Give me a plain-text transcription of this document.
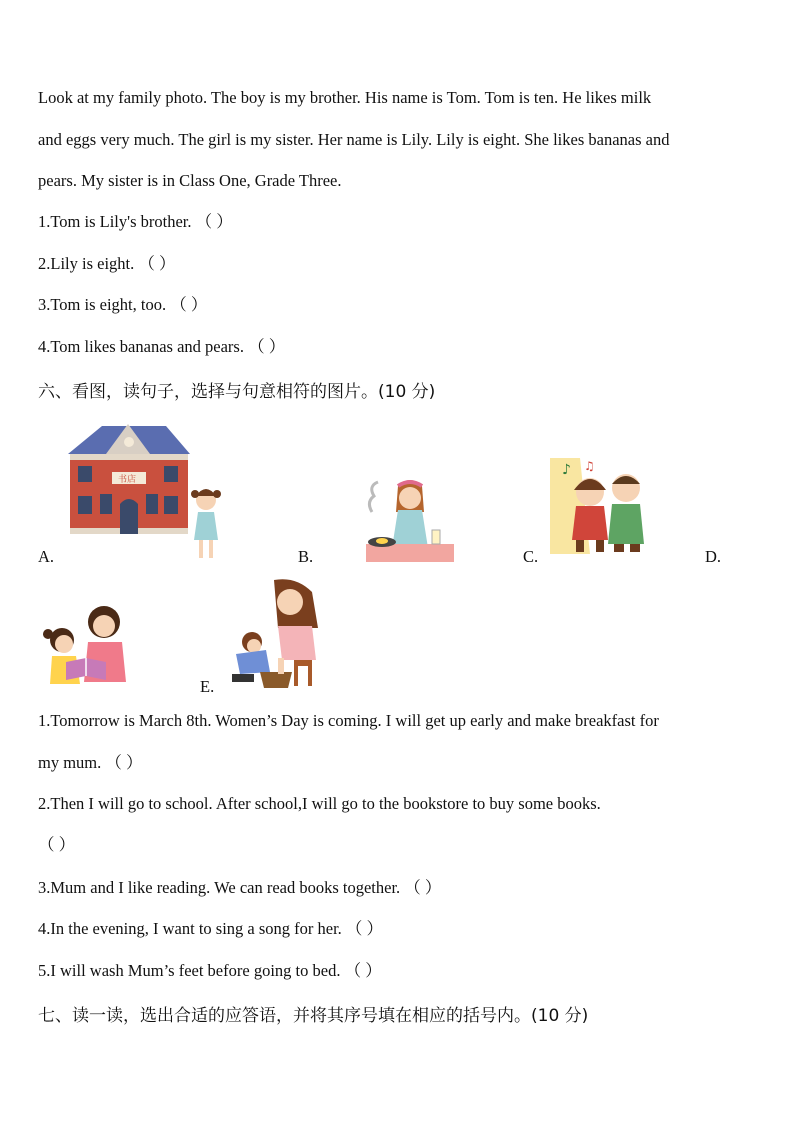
Look at my family photo. The boy is my brother. His name is Tom. Tom is ten. He likes milk
and eggs very much. The girl is my sister. Her name is Lily. Lily is eight. She likes bananas and
pears. My sister is in Class One, Grade Three.
1.Tom is Lily's brother. （ ）
2.Lily is eight. （ ）
3.Tom is eight, too. （ ）
4.Tom likes bananas and pears. （ ）
六、看图，读句子，选择与句意相符的图片。(10 分)
书店
A.	B.
♪ ♫
C.	D.
E.
1.Tomorrow is March 8th. Women’s Day is coming. I will get up early and make breakfast for
my mum. （ ）
2.Then I will go to school. After school,I will go to the bookstore to buy some books.
（ ）
3.Mum and I like reading. We can read books together. （ ）
4.In the evening, I want to sing a song for her. （ ）
5.I will wash Mum’s feet before going to bed. （ ）
七、读一读，选出合适的应答语，并将其序号填在相应的括号内。(10 分)
